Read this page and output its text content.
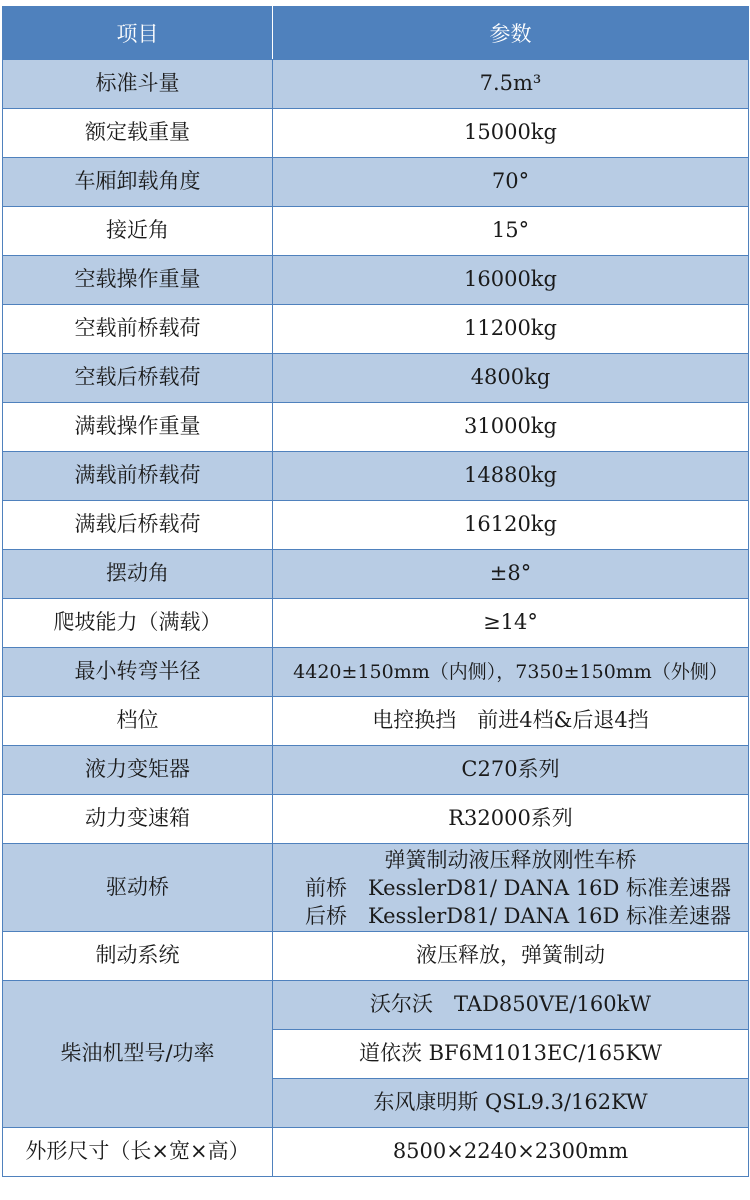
项目	参数
标准斗量	7.5m³
额定载重量	15000kg
车厢卸载角度	70°
接近角	15°
空载操作重量	16000kg
空载前桥载荷	11200kg
空载后桥载荷	4800kg
满载操作重量	31000kg
满载前桥载荷	14880kg
满载后桥载荷	16120kg
摆动角	±8°
爬坡能力（满载）	≥14°
最小转弯半径	4420±150mm（内侧），7350±150mm（外侧）
档位	电控换挡　前进4档&后退4挡
液力变矩器	C270系列
动力变速箱	R32000系列
驱动桥	弹簧制动液压释放刚性车桥
前桥　KesslerD81/ DANA 16D 标准差速器
后桥　KesslerD81/ DANA 16D 标准差速器

制动系统	液压释放，弹簧制动
柴油机型号/功率	沃尔沃　TAD850VE/160kW
	道依茨 BF6M1013EC/165KW
	东风康明斯 QSL9.3/162KW
外形尺寸（长×宽×高）	8500×2240×2300mm
